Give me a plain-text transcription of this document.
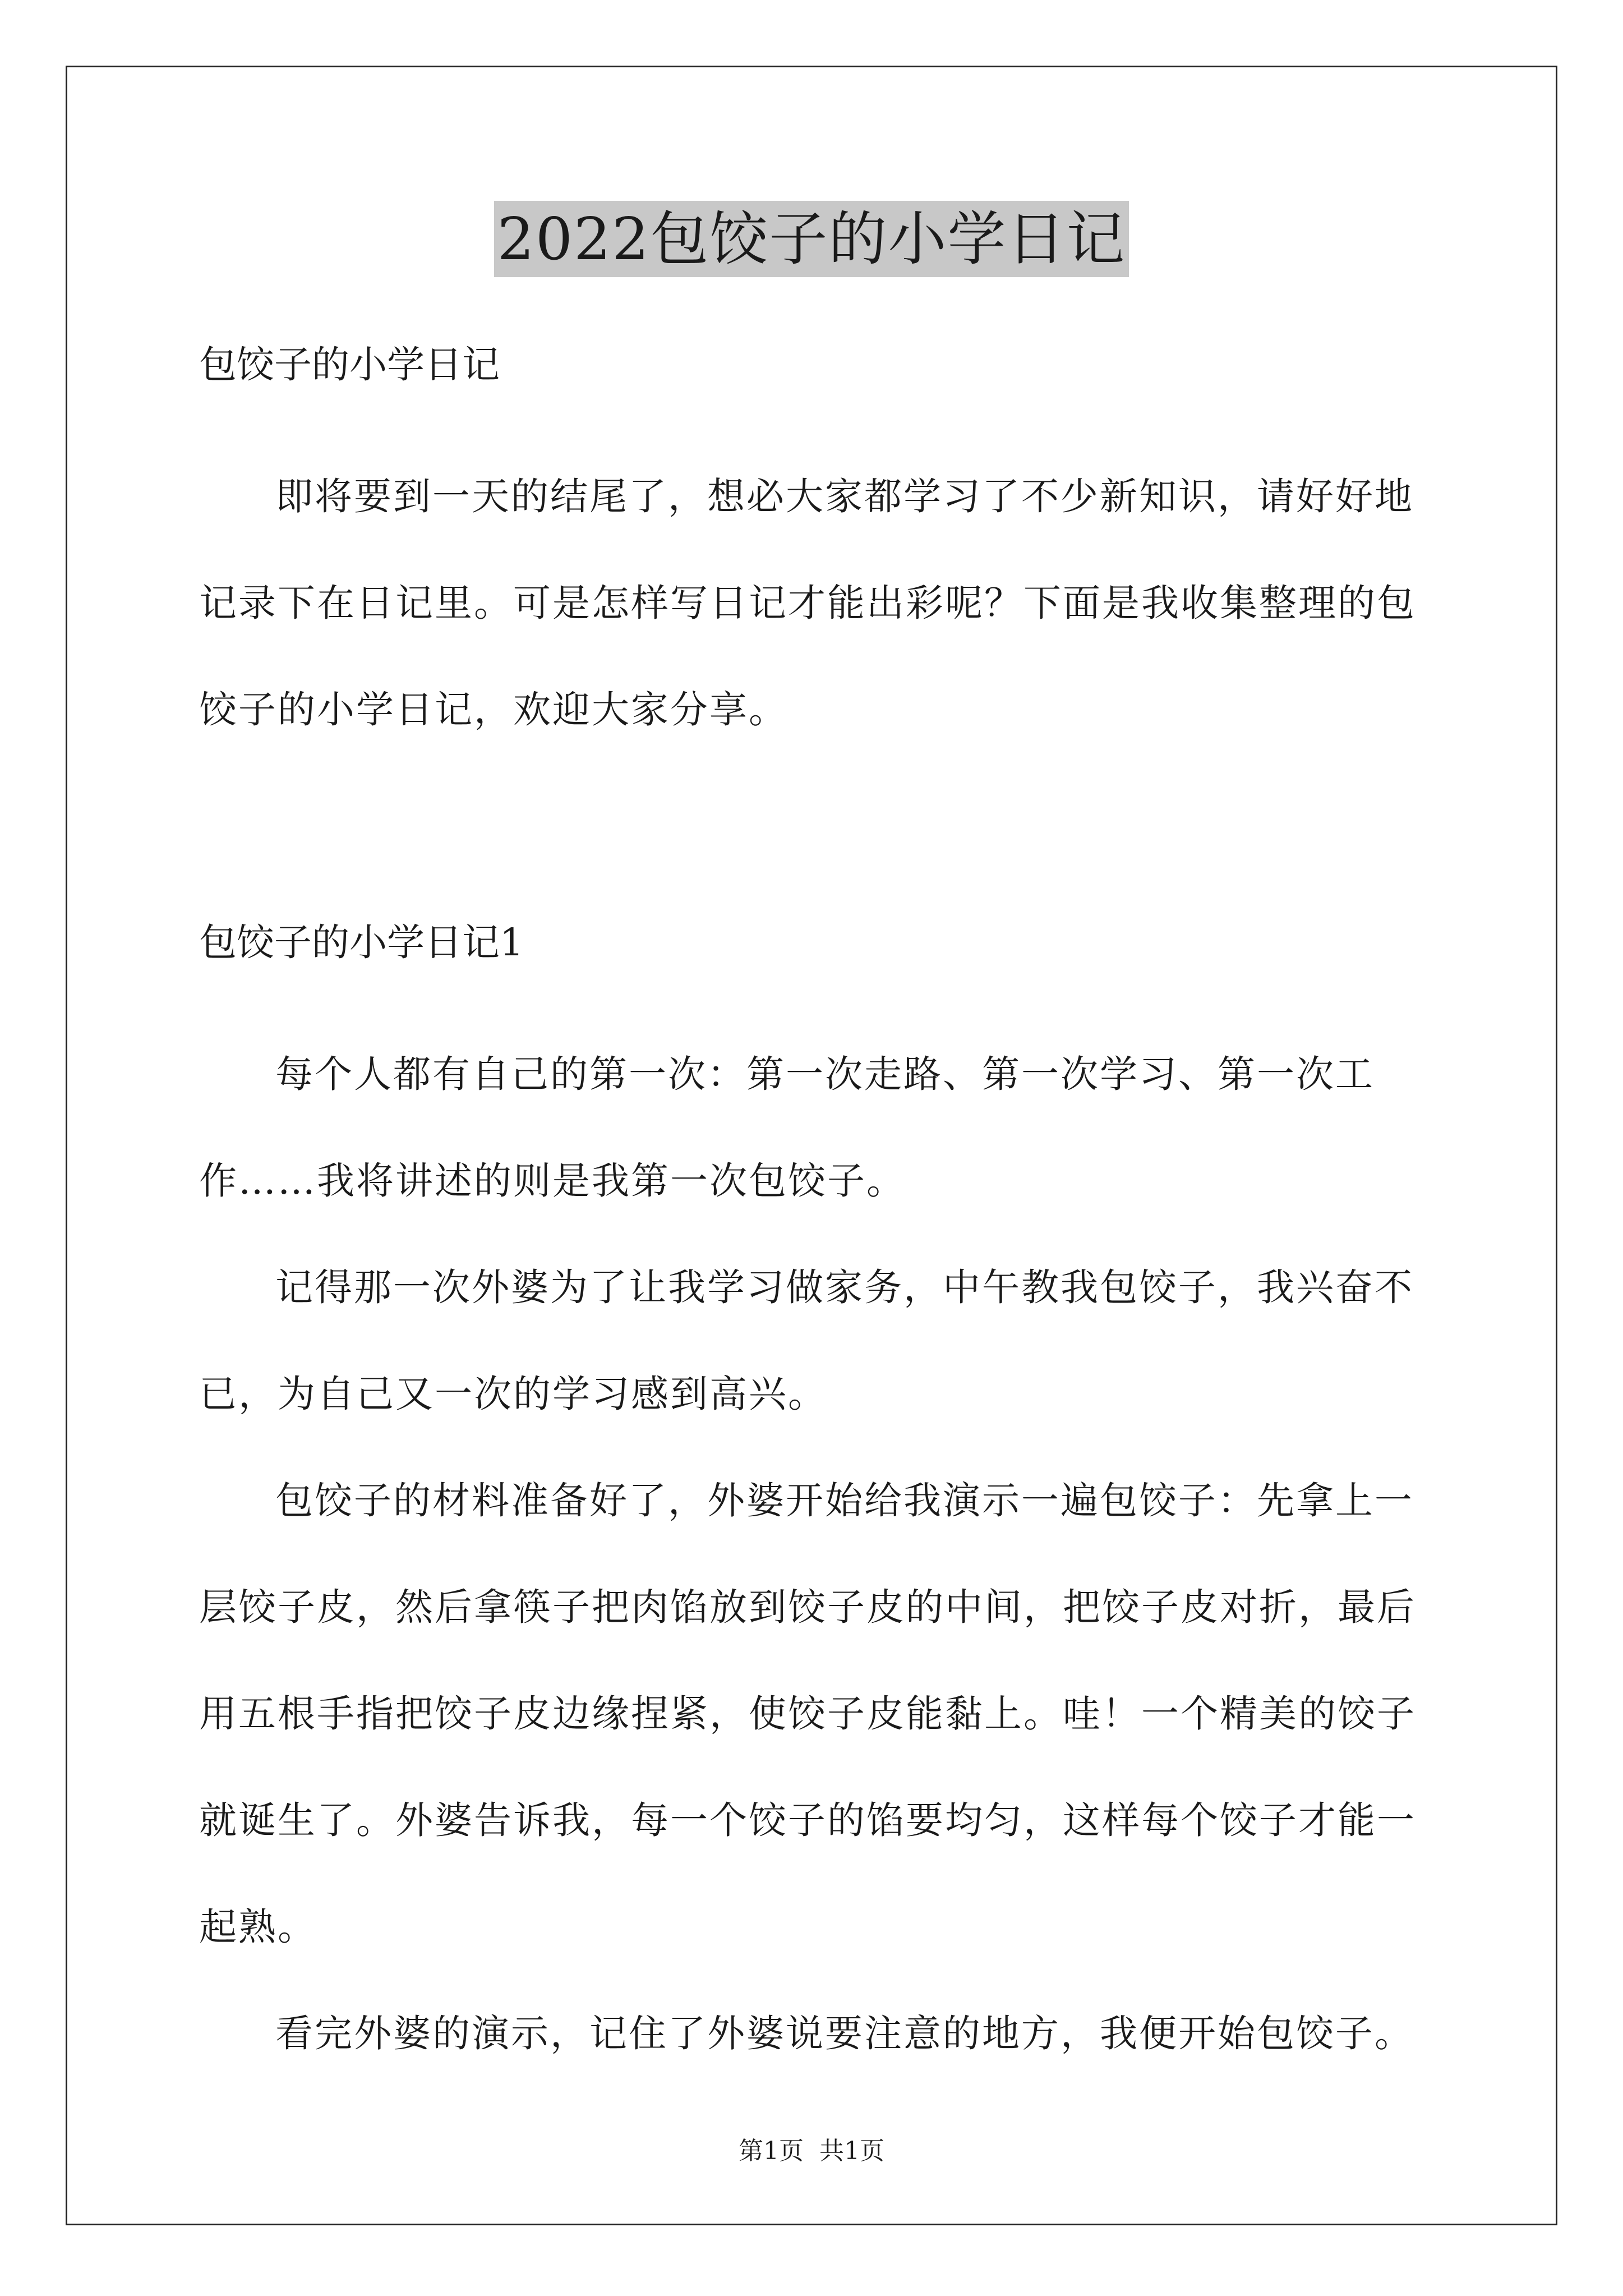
2022包饺子的小学日记

包饺子的小学日记

即将要到一天的结尾了，想必大家都学习了不少新知识，请好好地记录下在日记里。可是怎样写日记才能出彩呢？下面是我收集整理的包饺子的小学日记，欢迎大家分享。

包饺子的小学日记1

每个人都有自己的第一次：第一次走路、第一次学习、第一次工作……我将讲述的则是我第一次包饺子。

记得那一次外婆为了让我学习做家务，中午教我包饺子，我兴奋不已，为自己又一次的学习感到高兴。

包饺子的材料准备好了，外婆开始给我演示一遍包饺子：先拿上一层饺子皮，然后拿筷子把肉馅放到饺子皮的中间，把饺子皮对折，最后用五根手指把饺子皮边缘捏紧，使饺子皮能黏上。哇！一个精美的饺子就诞生了。外婆告诉我，每一个饺子的馅要均匀，这样每个饺子才能一起熟。

看完外婆的演示，记住了外婆说要注意的地方，我便开始包饺子。

第1页 共1页
